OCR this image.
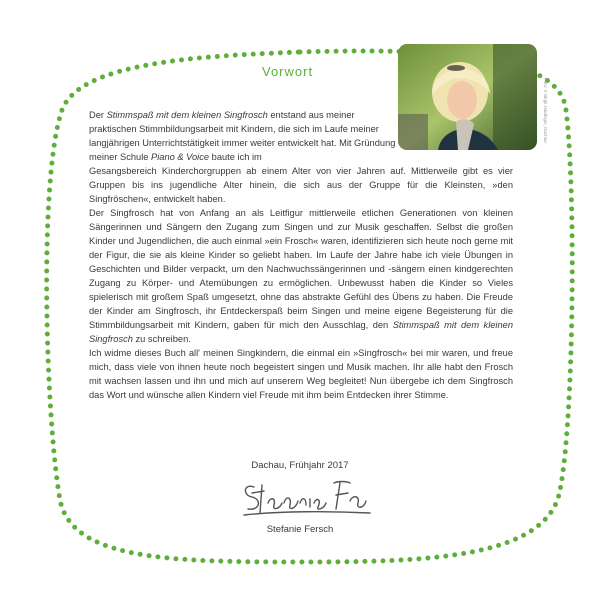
Vorwort
Foto: © Birgit Haidinger, Dachau

Der Stimmspaß mit dem kleinen Singfrosch entstand aus meiner praktischen Stimmbildungsarbeit mit Kindern, die sich im Laufe meiner langjährigen Unterrichtstätigkeit immer weiter entwickelt hat. Mit Gründung meiner Schule Piano & Voice baute ich im

Gesangsbereich Kinderchorgruppen ab einem Alter von vier Jahren auf. Mittlerweile gibt es vier Gruppen bis ins jugendliche Alter hinein, die sich aus der Gruppe für die Kleinsten, »den Singfröschen«, entwickelt haben.

Der Singfrosch hat von Anfang an als Leitfigur mittlerweile etlichen Generationen von kleinen Sängerinnen und Sängern den Zugang zum Singen und zur Musik geschaffen. Selbst die großen Kinder und Jugendlichen, die auch einmal »ein Frosch« waren, identifizieren sich heute noch gerne mit der Figur, die sie als kleine Kinder so geliebt haben. Im Laufe der Jahre habe ich viele Übungen in Geschichten und Bilder verpackt, um den Nachwuchssängerinnen und -sängern einen kindgerechten Zugang zu Körper- und Atemübungen zu ermöglichen. Unbewusst haben die Kinder so Vieles spielerisch mit großem Spaß umgesetzt, ohne das abstrakte Gefühl des Übens zu haben. Die Freude der Kinder am Singfrosch, ihr Entdeckerspaß beim Singen und meine eigene Begeisterung für die Stimmbildungsarbeit mit Kindern, gaben für mich den Ausschlag, den Stimmspaß mit dem kleinen Singfrosch zu schreiben.

Ich widme dieses Buch all' meinen Singkindern, die einmal ein »Singfrosch« bei mir waren, und freue mich, dass viele von ihnen heute noch begeistert singen und Musik machen. Ihr alle habt den Frosch mit wachsen lassen und ihn und mich auf unserem Weg begleitet! Nun übergebe ich dem Singfrosch das Wort und wünsche allen Kindern viel Freude mit ihm beim Entdecken ihrer Stimme.

Dachau, Frühjahr 2017
Stefanie Fersch
